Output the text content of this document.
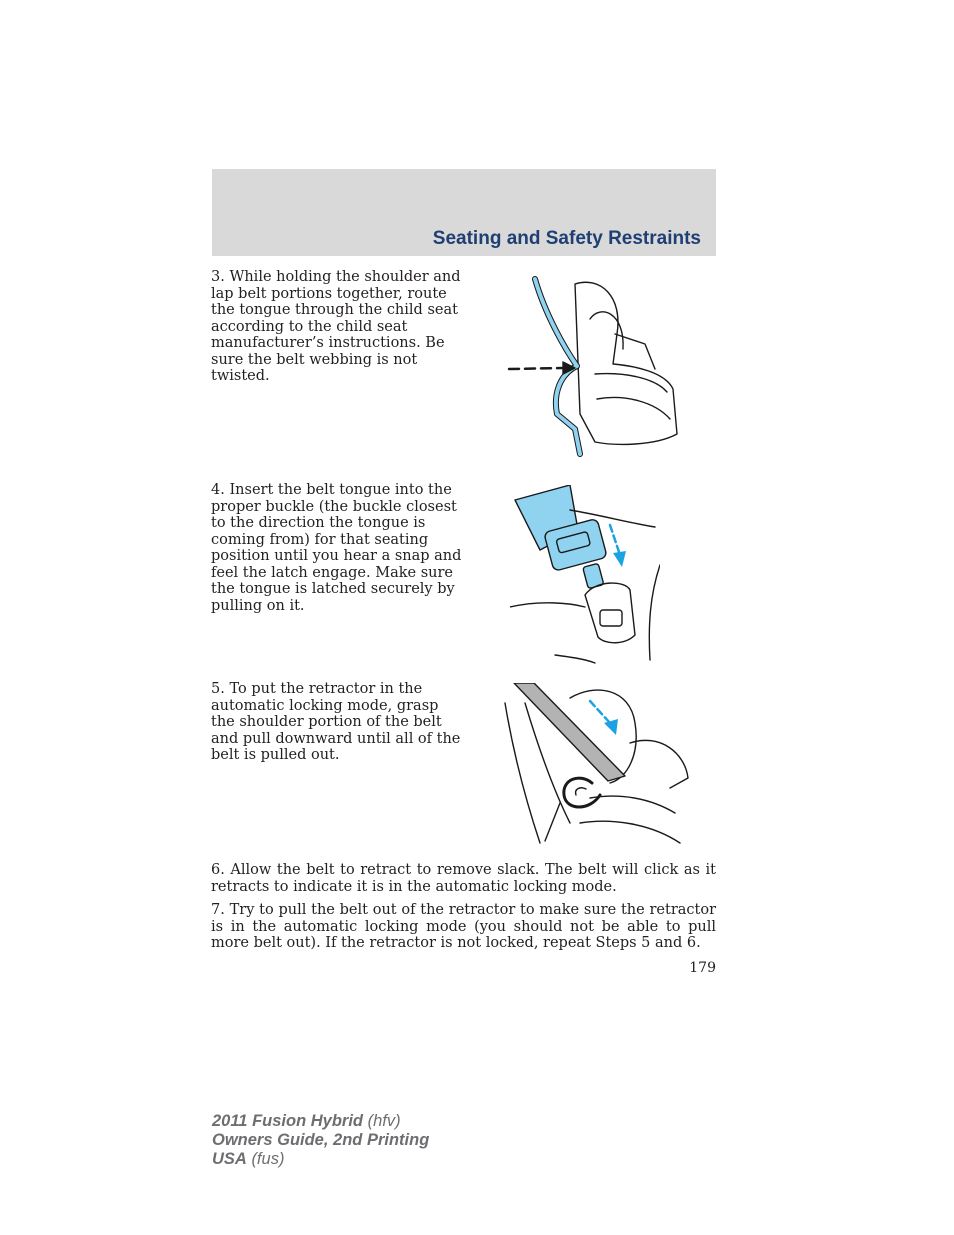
Seating and Safety Restraints

3. While holding the shoulder and lap belt portions together, route the tongue through the child seat according to the child seat manufacturer’s instructions. Be sure the belt webbing is not twisted.

4. Insert the belt tongue into the proper buckle (the buckle closest to the direction the tongue is coming from) for that seating position until you hear a snap and feel the latch engage. Make sure the tongue is latched securely by pulling on it.

5. To put the retractor in the automatic locking mode, grasp the shoulder portion of the belt and pull downward until all of the belt is pulled out.

6. Allow the belt to retract to remove slack. The belt will click as it retracts to indicate it is in the automatic locking mode.

7. Try to pull the belt out of the retractor to make sure the retractor is in the automatic locking mode (you should not be able to pull more belt out). If the retractor is not locked, repeat Steps 5 and 6.

179

2011 Fusion Hybrid (hfv)
Owners Guide, 2nd Printing
USA (fus)
